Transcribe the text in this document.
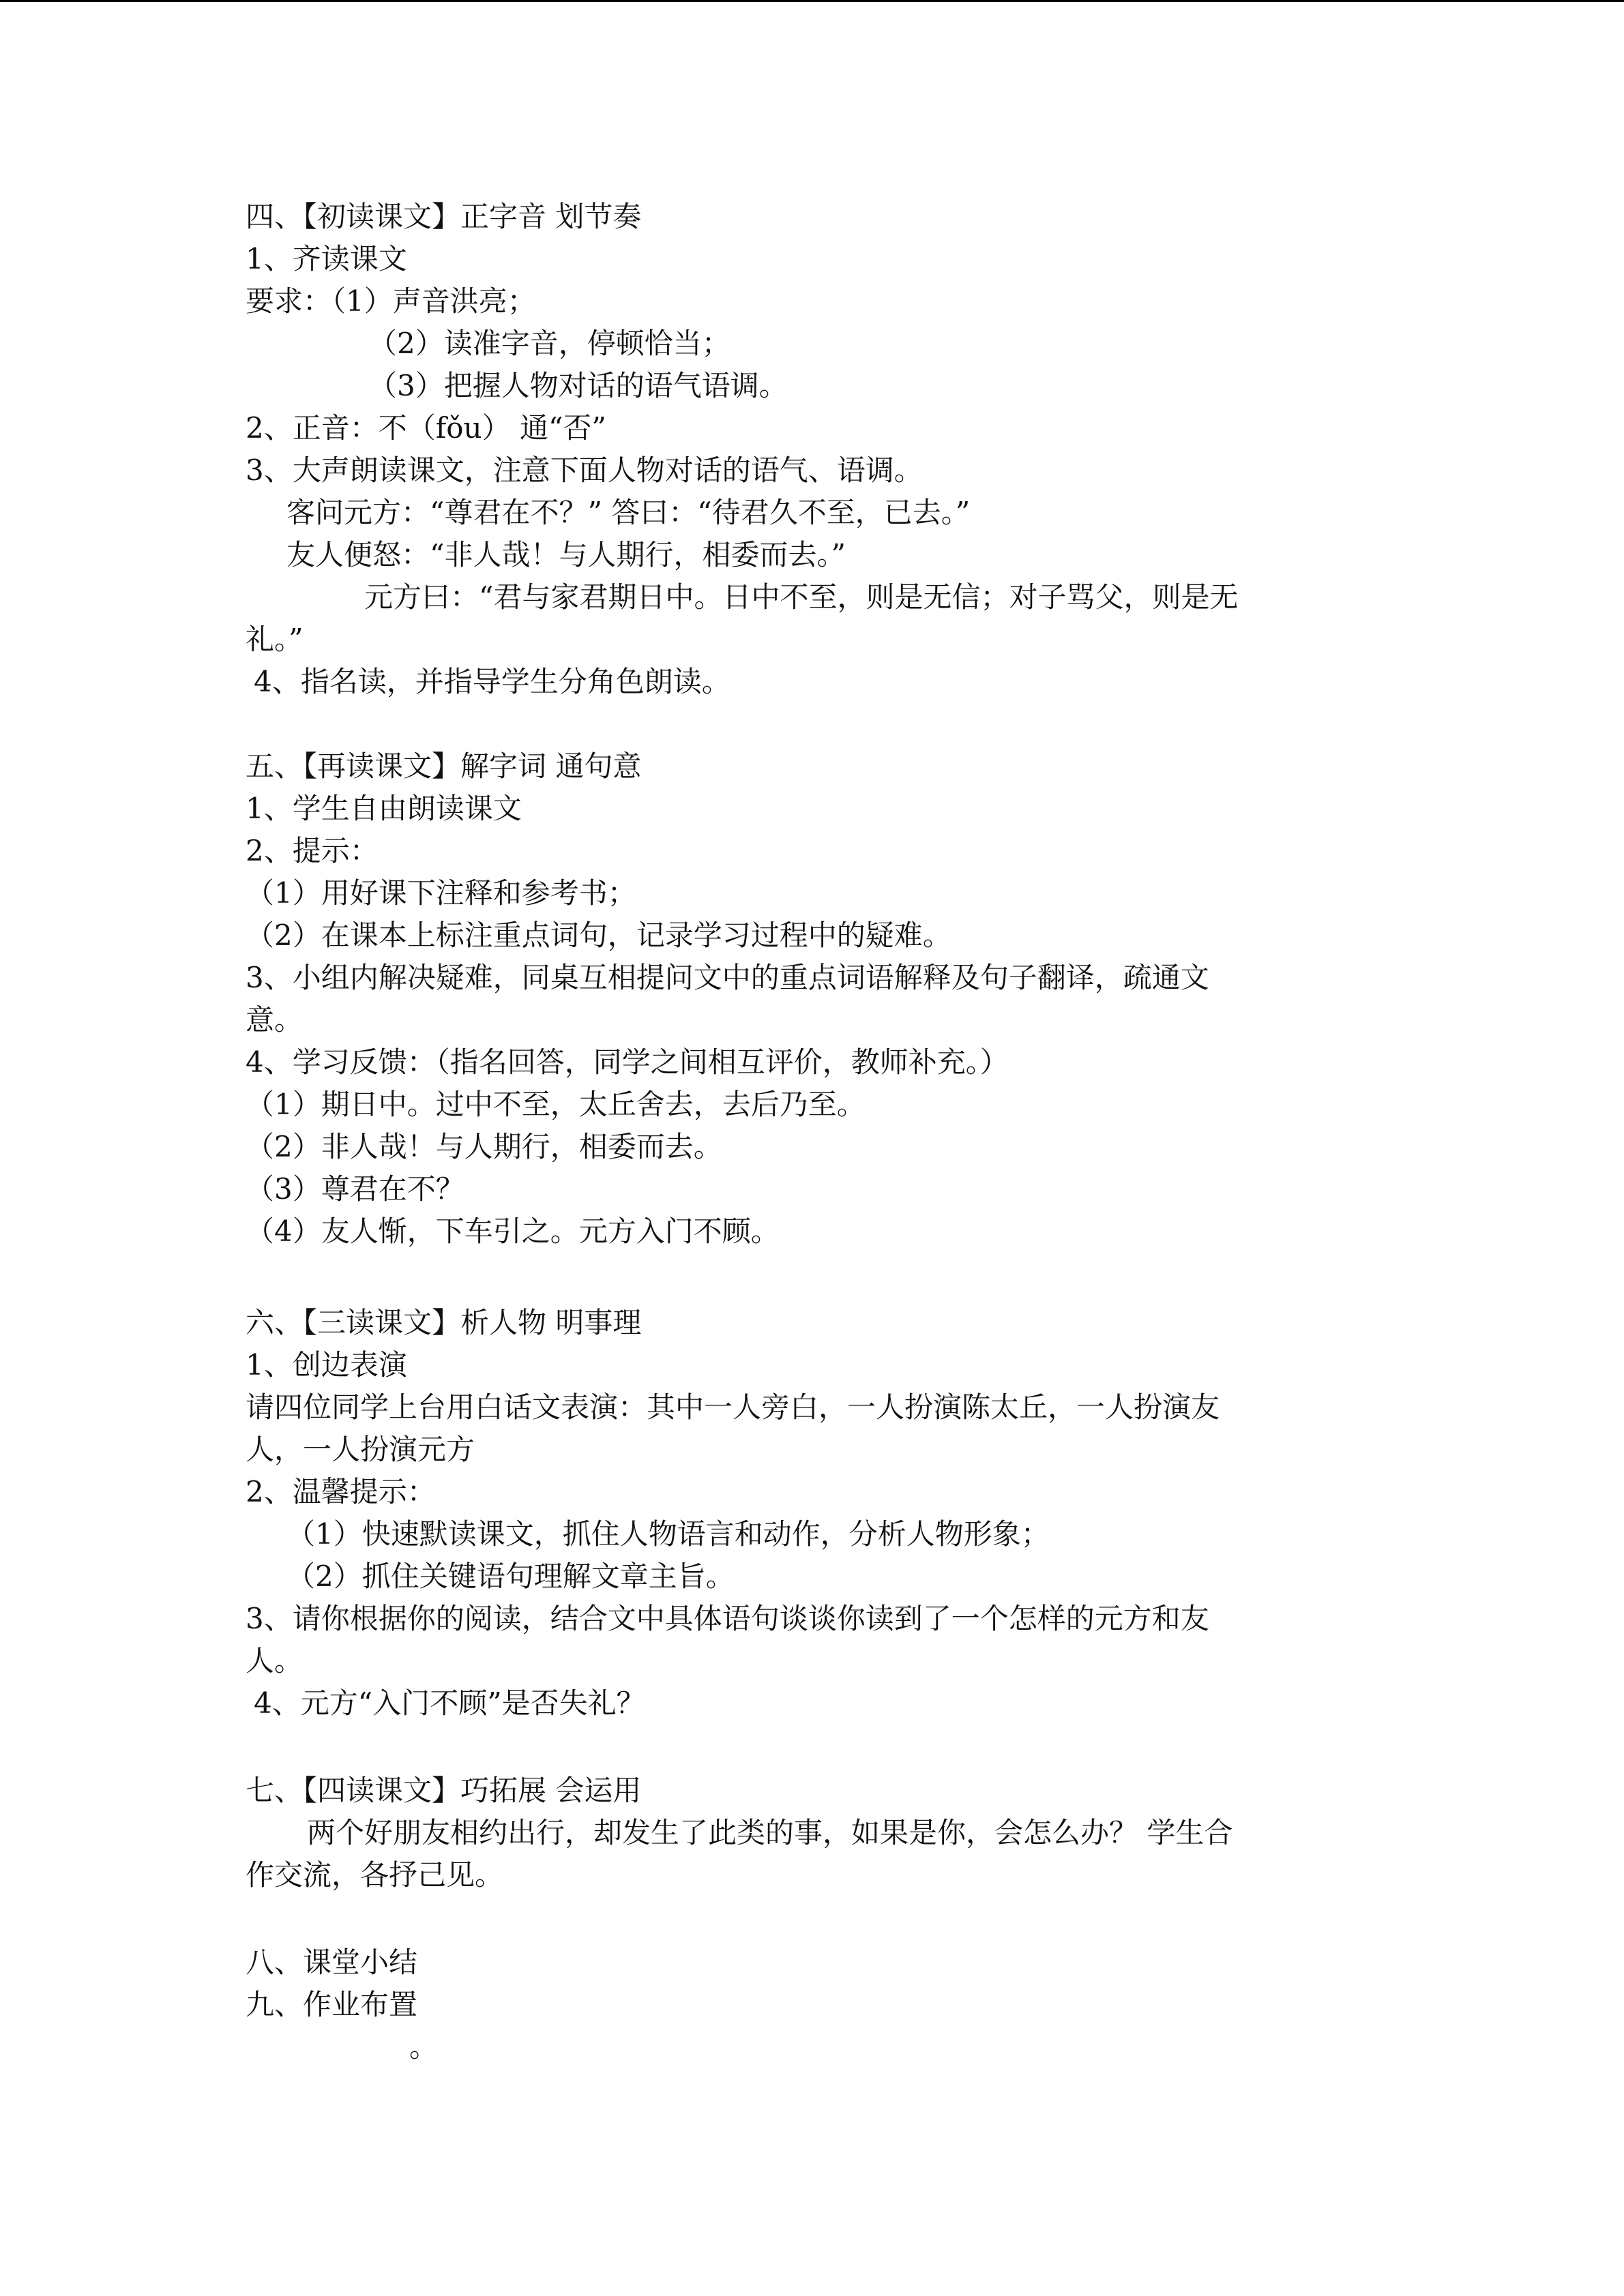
四、【初读课文】正字音 划节奏
1、齐读课文
要求：（1）声音洪亮；
（2）读准字音，停顿恰当；
（3）把握人物对话的语气语调。
2、正音：不（fǒu） 通“否”
3、大声朗读课文，注意下面人物对话的语气、语调。
客问元方：“尊君在不？” 答曰：“待君久不至，已去。”
友人便怒：“非人哉！与人期行，相委而去。”
元方曰：“君与家君期日中。日中不至，则是无信；对子骂父，则是无
礼。”
4、指名读，并指导学生分角色朗读。
五、【再读课文】解字词 通句意
1、学生自由朗读课文
2、提示：
（1）用好课下注释和参考书；
（2）在课本上标注重点词句，记录学习过程中的疑难。
3、小组内解决疑难，同桌互相提问文中的重点词语解释及句子翻译，疏通文
意。
4、学习反馈：（指名回答，同学之间相互评价，教师补充。）
（1）期日中。过中不至，太丘舍去，去后乃至。
（2）非人哉！与人期行，相委而去。
（3）尊君在不？
（4）友人惭，下车引之。元方入门不顾。
六、【三读课文】析人物 明事理
1、创边表演
请四位同学上台用白话文表演：其中一人旁白，一人扮演陈太丘，一人扮演友
人，一人扮演元方
2、温馨提示：
（1）快速默读课文，抓住人物语言和动作，分析人物形象；
（2）抓住关键语句理解文章主旨。
3、请你根据你的阅读，结合文中具体语句谈谈你读到了一个怎样的元方和友
人。
4、元方“入门不顾”是否失礼？
七、【四读课文】巧拓展 会运用
两个好朋友相约出行，却发生了此类的事，如果是你，会怎么办？ 学生合
作交流，各抒己见。
八、课堂小结
九、作业布置
。
